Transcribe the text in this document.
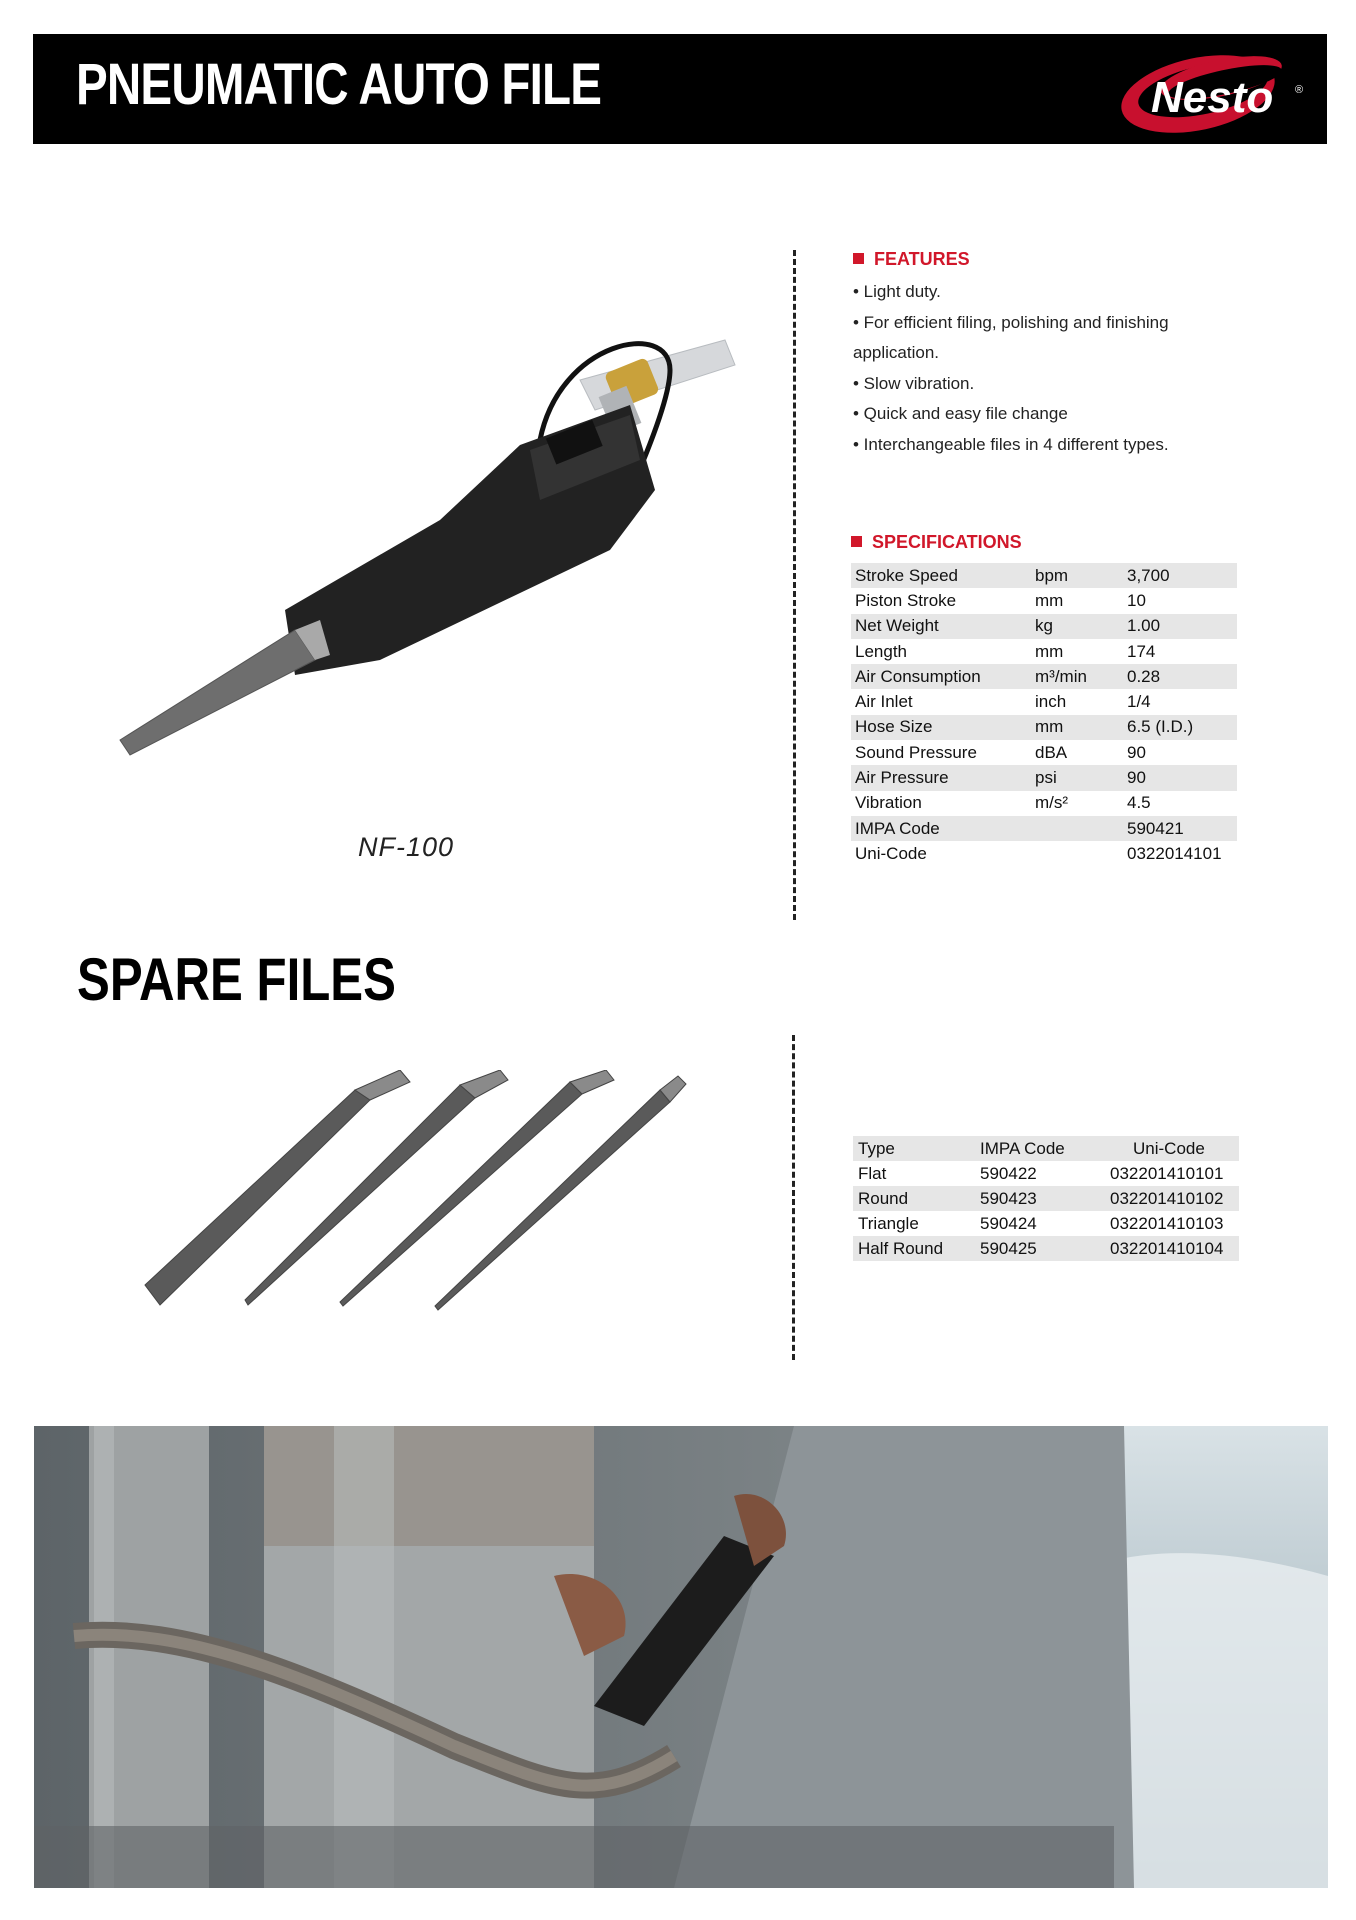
PNEUMATIC AUTO FILE	Nesto ®
NF-100
FEATURES
• Light duty.
• For efficient filing, polishing and finishing
application.
• Slow vibration.
• Quick and easy file change
• Interchangeable files in 4 different types.
SPECIFICATIONS
Stroke Speed	bpm	3,700
Piston Stroke	mm	10
Net Weight	kg	1.00
Length	mm	174
Air Consumption	m³/min	0.28
Air Inlet	inch	1/4
Hose Size	mm	6.5 (I.D.)
Sound Pressure	dBA	90
Air Pressure	psi	90
Vibration	m/s²	4.5
IMPA Code		590421
Uni-Code		0322014101
SPARE FILES
Type	IMPA Code	Uni-Code
Flat	590422	032201410101
Round	590423	032201410102
Triangle	590424	032201410103
Half Round	590425	032201410104
